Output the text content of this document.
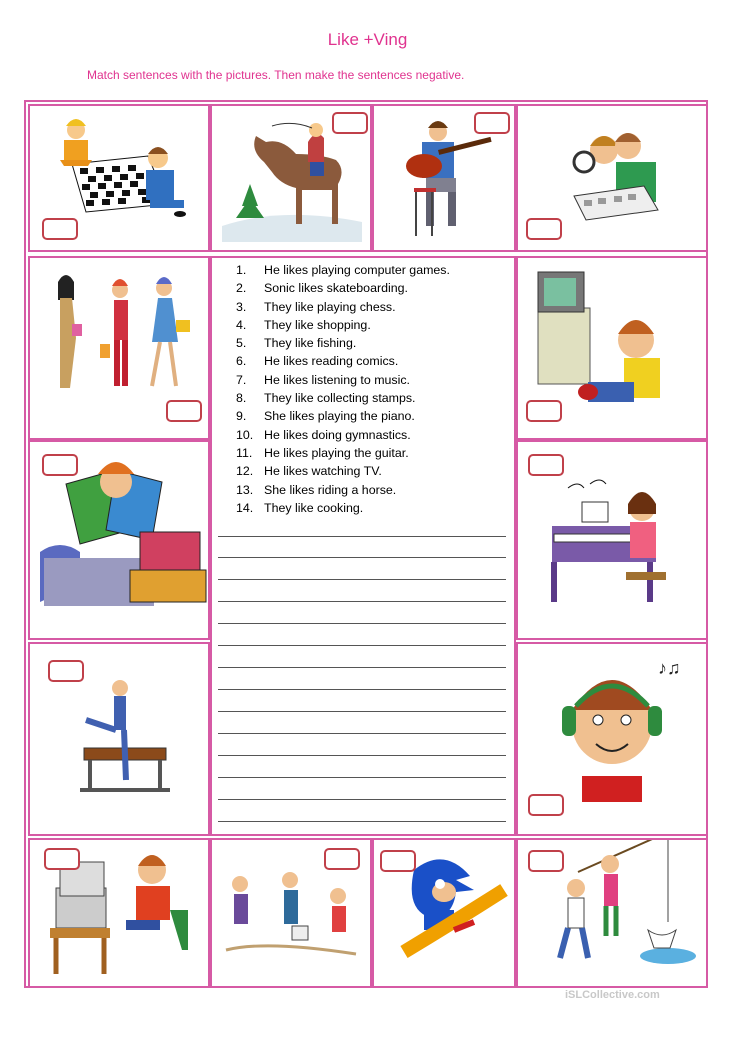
Like +Ving
Match sentences with the pictures. Then make the sentences negative.
♪♫
1. He likes playing computer games.
2. Sonic likes skateboarding.
3. They like playing chess.
4. They like shopping.
5. They like fishing.
6. He likes reading comics.
7. He likes listening to music.
8. They like collecting stamps.
9. She likes playing the piano.
10. He likes doing gymnastics.
11. He likes playing the guitar.
12. He likes watching TV.
13. She likes riding a horse.
14. They like cooking.
iSLCollective.com
